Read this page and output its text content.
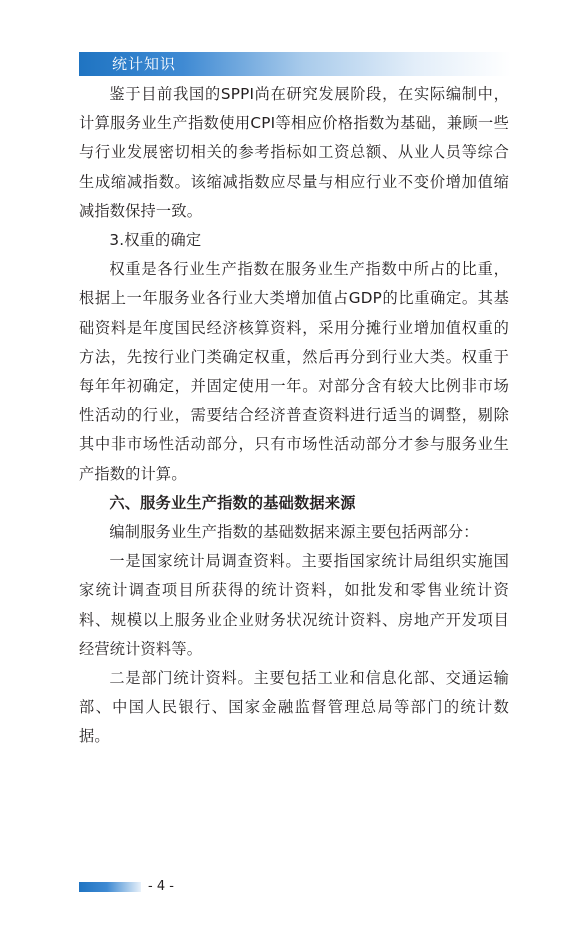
统计知识

鉴于目前我国的SPPI尚在研究发展阶段，在实际编制中，计算服务业生产指数使用CPI等相应价格指数为基础，兼顾一些与行业发展密切相关的参考指标如工资总额、从业人员等综合生成缩减指数。该缩减指数应尽量与相应行业不变价增加值缩减指数保持一致。

3.权重的确定

权重是各行业生产指数在服务业生产指数中所占的比重，根据上一年服务业各行业大类增加值占GDP的比重确定。其基础资料是年度国民经济核算资料，采用分摊行业增加值权重的方法，先按行业门类确定权重，然后再分到行业大类。权重于每年年初确定，并固定使用一年。对部分含有较大比例非市场性活动的行业，需要结合经济普查资料进行适当的调整，剔除其中非市场性活动部分，只有市场性活动部分才参与服务业生产指数的计算。

六、服务业生产指数的基础数据来源

编制服务业生产指数的基础数据来源主要包括两部分：

一是国家统计局调查资料。主要指国家统计局组织实施国家统计调查项目所获得的统计资料，如批发和零售业统计资料、规模以上服务业企业财务状况统计资料、房地产开发项目经营统计资料等。

二是部门统计资料。主要包括工业和信息化部、交通运输部、中国人民银行、国家金融监督管理总局等部门的统计数据。

- 4 -
